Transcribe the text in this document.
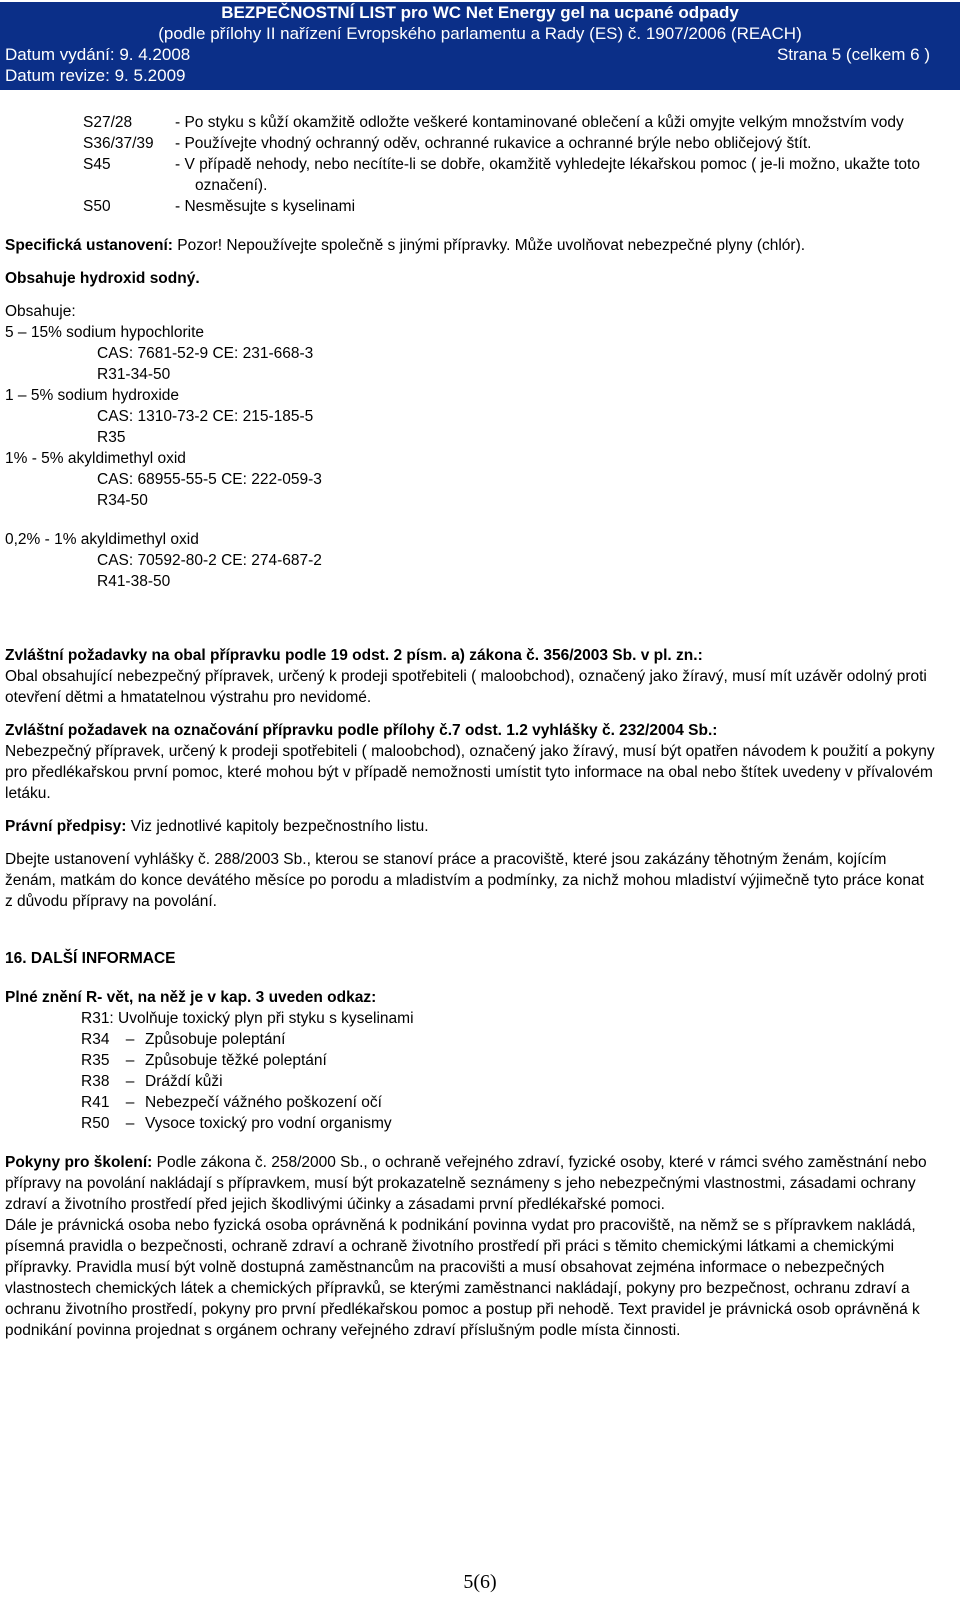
BEZPEČNOSTNÍ LIST pro WC Net Energy gel na ucpané odpady
(podle přílohy II nařízení Evropského parlamentu a Rady (ES) č. 1907/2006 (REACH)
Datum vydání: 9. 4.2008	Strana 5 (celkem 6 )
Datum revize: 9. 5.2009
S27/28	- Po styku s kůží okamžitě odložte veškeré kontaminované oblečení a kůži omyjte velkým množstvím vody
S36/37/39	- Používejte vhodný ochranný oděv, ochranné rukavice a ochranné brýle nebo obličejový štít.
S45	- V případě nehody, nebo necítíte-li se dobře, okamžitě vyhledejte lékařskou pomoc ( je-li možno, ukažte toto označení).
S50	- Nesměsujte s kyselinami

Specifická ustanovení: Pozor! Nepoužívejte společně s jinými přípravky. Může uvolňovat nebezpečné plyny (chlór).

Obsahuje hydroxid sodný.

Obsahuje:

5 – 15% sodium hypochlorite

CAS: 7681-52-9 CE: 231-668-3

R31-34-50

1 – 5% sodium hydroxide

CAS: 1310-73-2 CE: 215-185-5

R35

1% - 5% akyldimethyl oxid

CAS: 68955-55-5 CE: 222-059-3

R34-50

0,2% - 1% akyldimethyl oxid

CAS: 70592-80-2 CE: 274-687-2

R41-38-50

Zvláštní požadavky na obal přípravku podle 19 odst. 2 písm. a) zákona č. 356/2003 Sb. v pl. zn.:

Obal obsahující nebezpečný přípravek, určený k prodeji spotřebiteli ( maloobchod), označený jako žíravý, musí mít uzávěr odolný proti otevření dětmi a hmatatelnou výstrahu pro nevidomé.

Zvláštní požadavek na označování přípravku podle přílohy č.7 odst. 1.2 vyhlášky č. 232/2004 Sb.:

Nebezpečný přípravek, určený k prodeji spotřebiteli ( maloobchod), označený jako žíravý, musí být opatřen návodem k použití a pokyny pro předlékařskou první pomoc, které mohou být v případě nemožnosti umístit tyto informace na obal nebo štítek uvedeny v přívalovém letáku.

Právní předpisy: Viz jednotlivé kapitoly bezpečnostního listu.

Dbejte ustanovení vyhlášky č. 288/2003 Sb., kterou se stanoví práce a pracoviště, které jsou zakázány těhotným ženám, kojícím ženám, matkám do konce devátého měsíce po porodu a mladistvím a podmínky, za nichž mohou mladiství výjimečně tyto práce konat z důvodu přípravy na povolání.

16. DALŠÍ INFORMACE

Plné znění R- vět, na něž je v kap. 3 uveden odkaz:

R31: Uvolňuje toxický plyn při styku s kyselinami

R34	– Způsobuje poleptání
R35	– Způsobuje těžké poleptání
R38	– Dráždí kůži
R41	– Nebezpečí vážného poškození očí
R50	– Vysoce toxický pro vodní organismy

Pokyny pro školení: Podle zákona č. 258/2000 Sb., o ochraně veřejného zdraví, fyzické osoby, které v rámci svého zaměstnání nebo přípravy na povolání nakládají s přípravkem, musí být prokazatelně seznámeny s jeho nebezpečnými vlastnostmi, zásadami ochrany zdraví a životního prostředí před jejich škodlivými účinky a zásadami první předlékařské pomoci.

Dále je právnická osoba nebo fyzická osoba oprávněná k podnikání povinna vydat pro pracoviště, na němž se s přípravkem nakládá, písemná pravidla o bezpečnosti, ochraně zdraví a ochraně životního prostředí při práci s těmito chemickými látkami a chemickými přípravky. Pravidla musí být volně dostupná zaměstnancům na pracovišti a musí obsahovat zejména informace o nebezpečných vlastnostech chemických látek a chemických přípravků, se kterými zaměstnanci nakládají, pokyny pro bezpečnost, ochranu zdraví a ochranu životního prostředí, pokyny pro první předlékařskou pomoc a postup při nehodě. Text pravidel je právnická osob oprávněná k podnikání povinna projednat s orgánem ochrany veřejného zdraví příslušným podle místa činnosti.

5(6)
